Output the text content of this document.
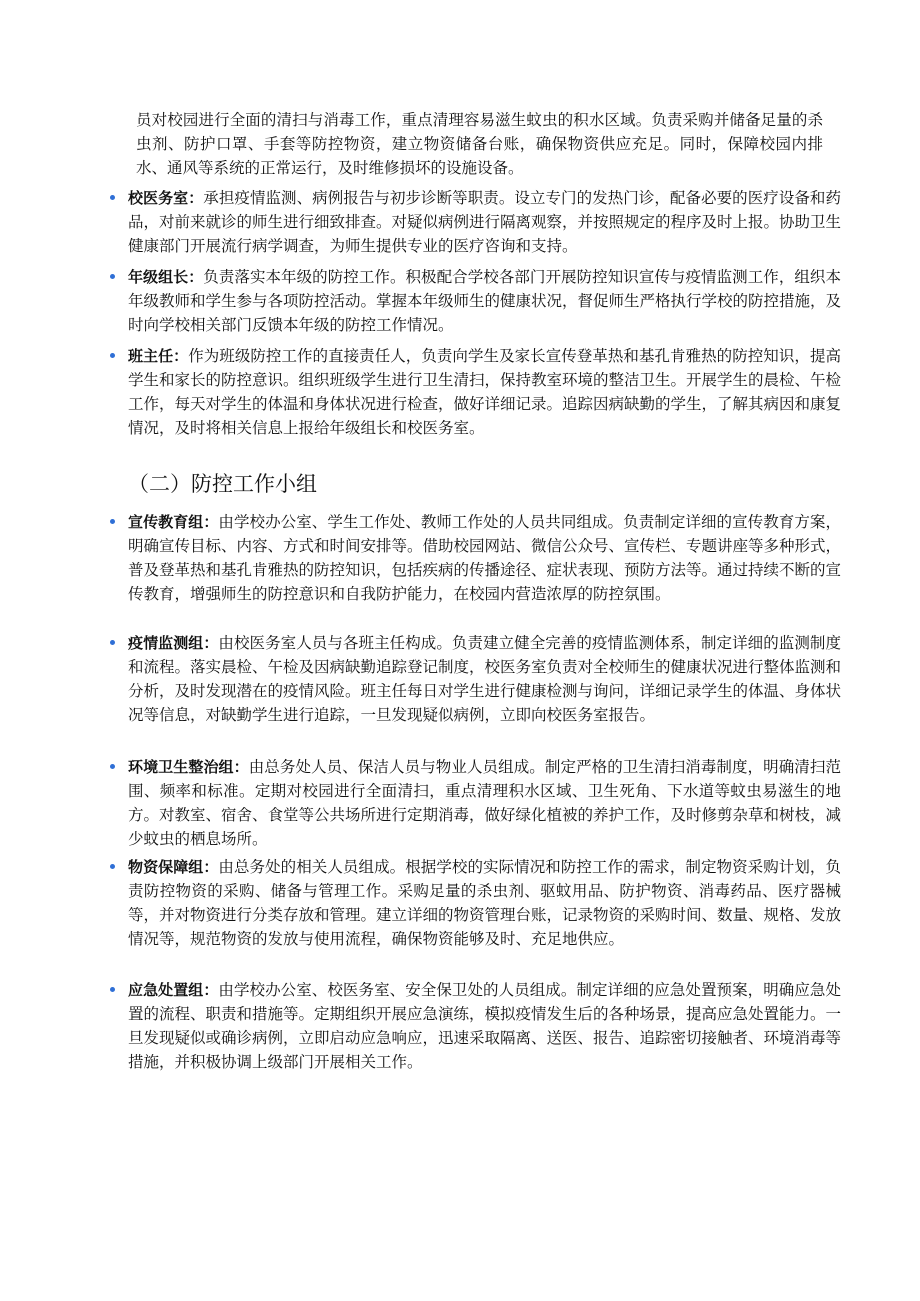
员对校园进行全面的清扫与消毒工作，重点清理容易滋生蚊虫的积水区域。负责采购并储备足量的杀虫剂、防护口罩、手套等防控物资，建立物资储备台账，确保物资供应充足。同时，保障校园内排水、通风等系统的正常运行，及时维修损坏的设施设备。

校医务室：承担疫情监测、病例报告与初步诊断等职责。设立专门的发热门诊，配备必要的医疗设备和药品，对前来就诊的师生进行细致排查。对疑似病例进行隔离观察，并按照规定的程序及时上报。协助卫生健康部门开展流行病学调查，为师生提供专业的医疗咨询和支持。
年级组长：负责落实本年级的防控工作。积极配合学校各部门开展防控知识宣传与疫情监测工作，组织本年级教师和学生参与各项防控活动。掌握本年级师生的健康状况，督促师生严格执行学校的防控措施，及时向学校相关部门反馈本年级的防控工作情况。
班主任：作为班级防控工作的直接责任人，负责向学生及家长宣传登革热和基孔肯雅热的防控知识，提高学生和家长的防控意识。组织班级学生进行卫生清扫，保持教室环境的整洁卫生。开展学生的晨检、午检工作，每天对学生的体温和身体状况进行检查，做好详细记录。追踪因病缺勤的学生，了解其病因和康复情况，及时将相关信息上报给年级组长和校医务室。
（二）防控工作小组
宣传教育组：由学校办公室、学生工作处、教师工作处的人员共同组成。负责制定详细的宣传教育方案，明确宣传目标、内容、方式和时间安排等。借助校园网站、微信公众号、宣传栏、专题讲座等多种形式，普及登革热和基孔肯雅热的防控知识，包括疾病的传播途径、症状表现、预防方法等。通过持续不断的宣传教育，增强师生的防控意识和自我防护能力，在校园内营造浓厚的防控氛围。
疫情监测组：由校医务室人员与各班主任构成。负责建立健全完善的疫情监测体系，制定详细的监测制度和流程。落实晨检、午检及因病缺勤追踪登记制度，校医务室负责对全校师生的健康状况进行整体监测和分析，及时发现潜在的疫情风险。班主任每日对学生进行健康检测与询问，详细记录学生的体温、身体状况等信息，对缺勤学生进行追踪，一旦发现疑似病例，立即向校医务室报告。
环境卫生整治组：由总务处人员、保洁人员与物业人员组成。制定严格的卫生清扫消毒制度，明确清扫范围、频率和标准。定期对校园进行全面清扫，重点清理积水区域、卫生死角、下水道等蚊虫易滋生的地方。对教室、宿舍、食堂等公共场所进行定期消毒，做好绿化植被的养护工作，及时修剪杂草和树枝，减少蚊虫的栖息场所。
物资保障组：由总务处的相关人员组成。根据学校的实际情况和防控工作的需求，制定物资采购计划，负责防控物资的采购、储备与管理工作。采购足量的杀虫剂、驱蚊用品、防护物资、消毒药品、医疗器械等，并对物资进行分类存放和管理。建立详细的物资管理台账，记录物资的采购时间、数量、规格、发放情况等，规范物资的发放与使用流程，确保物资能够及时、充足地供应。
应急处置组：由学校办公室、校医务室、安全保卫处的人员组成。制定详细的应急处置预案，明确应急处置的流程、职责和措施等。定期组织开展应急演练，模拟疫情发生后的各种场景，提高应急处置能力。一旦发现疑似或确诊病例，立即启动应急响应，迅速采取隔离、送医、报告、追踪密切接触者、环境消毒等措施，并积极协调上级部门开展相关工作。
